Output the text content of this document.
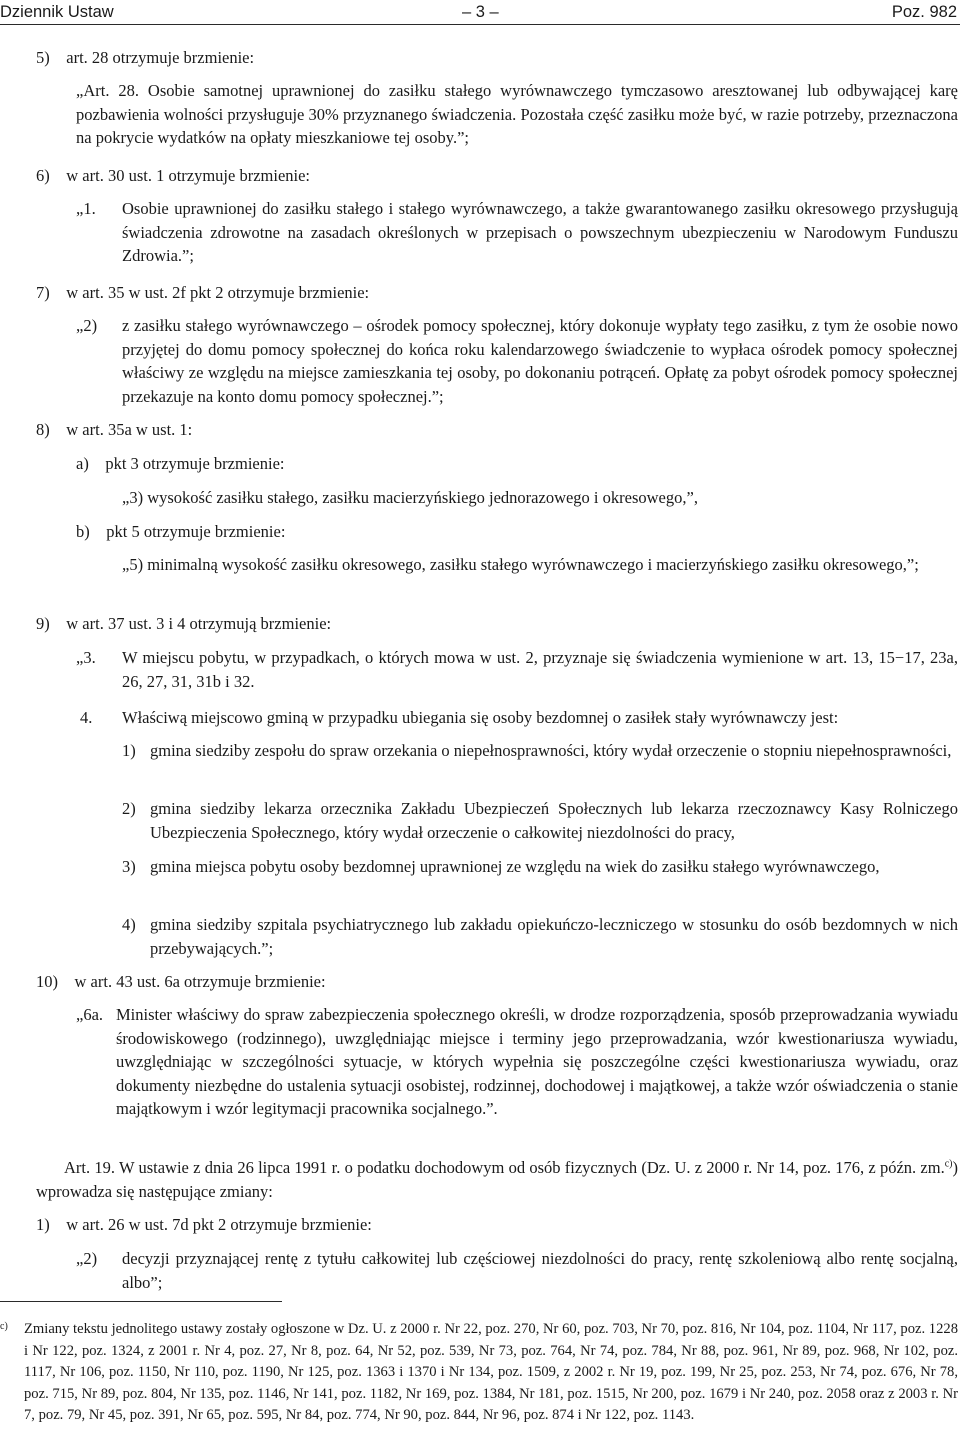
Dziennik Ustaw	– 3 –	Poz. 982
5) art. 28 otrzymuje brzmienie:
„Art. 28. Osobie samotnej uprawnionej do zasiłku stałego wyrównawczego tymczasowo aresztowanej lub odbywającej karę pozbawienia wolności przysługuje 30% przyznanego świadczenia. Pozostała część zasiłku może być, w razie potrzeby, przeznaczona na pokrycie wydatków na opłaty mieszkaniowe tej osoby.”;
6) w art. 30 ust. 1 otrzymuje brzmienie:
„1. Osobie uprawnionej do zasiłku stałego i stałego wyrównawczego, a także gwarantowanego zasiłku okresowego przysługują świadczenia zdrowotne na zasadach określonych w przepisach o powszechnym ubezpieczeniu w Narodowym Funduszu Zdrowia.”;
7) w art. 35 w ust. 2f pkt 2 otrzymuje brzmienie:
„2) z zasiłku stałego wyrównawczego – ośrodek pomocy społecznej, który dokonuje wypłaty tego zasiłku, z tym że osobie nowo przyjętej do domu pomocy społecznej do końca roku kalendarzowego świadczenie to wypłaca ośrodek pomocy społecznej właściwy ze względu na miejsce zamieszkania tej osoby, po dokonaniu potrąceń. Opłatę za pobyt ośrodek pomocy społecznej przekazuje na konto domu pomocy społecznej.”;
8) w art. 35a w ust. 1:
a) pkt 3 otrzymuje brzmienie:
„3) wysokość zasiłku stałego, zasiłku macierzyńskiego jednorazowego i okresowego,”,
b) pkt 5 otrzymuje brzmienie:
„5) minimalną wysokość zasiłku okresowego, zasiłku stałego wyrównawczego i macierzyńskiego zasiłku okresowego,”;
9) w art. 37 ust. 3 i 4 otrzymują brzmienie:
„3. W miejscu pobytu, w przypadkach, o których mowa w ust. 2, przyznaje się świadczenia wymienione w art. 13, 15−17, 23a, 26, 27, 31, 31b i 32.
4. Właściwą miejscowo gminą w przypadku ubiegania się osoby bezdomnej o zasiłek stały wyrównawczy jest:
1) gmina siedziby zespołu do spraw orzekania o niepełnosprawności, który wydał orzeczenie o stopniu niepełnosprawności,
2) gmina siedziby lekarza orzecznika Zakładu Ubezpieczeń Społecznych lub lekarza rzeczoznawcy Kasy Rolniczego Ubezpieczenia Społecznego, który wydał orzeczenie o całkowitej niezdolności do pracy,
3) gmina miejsca pobytu osoby bezdomnej uprawnionej ze względu na wiek do zasiłku stałego wyrównawczego,
4) gmina siedziby szpitala psychiatrycznego lub zakładu opiekuńczo-leczniczego w stosunku do osób bezdomnych w nich przebywających.”;
10) w art. 43 ust. 6a otrzymuje brzmienie:
„6a. Minister właściwy do spraw zabezpieczenia społecznego określi, w drodze rozporządzenia, sposób przeprowadzania wywiadu środowiskowego (rodzinnego), uwzględniając miejsce i terminy jego przeprowadzania, wzór kwestionariusza wywiadu, uwzględniając w szczególności sytuacje, w których wypełnia się poszczególne części kwestionariusza wywiadu, oraz dokumenty niezbędne do ustalenia sytuacji osobistej, rodzinnej, dochodowej i majątkowej, a także wzór oświadczenia o stanie majątkowym i wzór legitymacji pracownika socjalnego.”.
Art. 19. W ustawie z dnia 26 lipca 1991 r. o podatku dochodowym od osób fizycznych (Dz. U. z 2000 r. Nr 14, poz. 176, z późn. zm.$^{c)}$) wprowadza się następujące zmiany:
1) w art. 26 w ust. 7d pkt 2 otrzymuje brzmienie:
„2) decyzji przyznającej rentę z tytułu całkowitej lub częściowej niezdolności do pracy, rentę szkoleniową albo rentę socjalną, albo”;
c) Zmiany tekstu jednolitego ustawy zostały ogłoszone w Dz. U. z 2000 r. Nr 22, poz. 270, Nr 60, poz. 703, Nr 70, poz. 816, Nr 104, poz. 1104, Nr 117, poz. 1228 i Nr 122, poz. 1324, z 2001 r. Nr 4, poz. 27, Nr 8, poz. 64, Nr 52, poz. 539, Nr 73, poz. 764, Nr 74, poz. 784, Nr 88, poz. 961, Nr 89, poz. 968, Nr 102, poz. 1117, Nr 106, poz. 1150, Nr 110, poz. 1190, Nr 125, poz. 1363 i 1370 i Nr 134, poz. 1509, z 2002 r. Nr 19, poz. 199, Nr 25, poz. 253, Nr 74, poz. 676, Nr 78, poz. 715, Nr 89, poz. 804, Nr 135, poz. 1146, Nr 141, poz. 1182, Nr 169, poz. 1384, Nr 181, poz. 1515, Nr 200, poz. 1679 i Nr 240, poz. 2058 oraz z 2003 r. Nr 7, poz. 79, Nr 45, poz. 391, Nr 65, poz. 595, Nr 84, poz. 774, Nr 90, poz. 844, Nr 96, poz. 874 i Nr 122, poz. 1143.
